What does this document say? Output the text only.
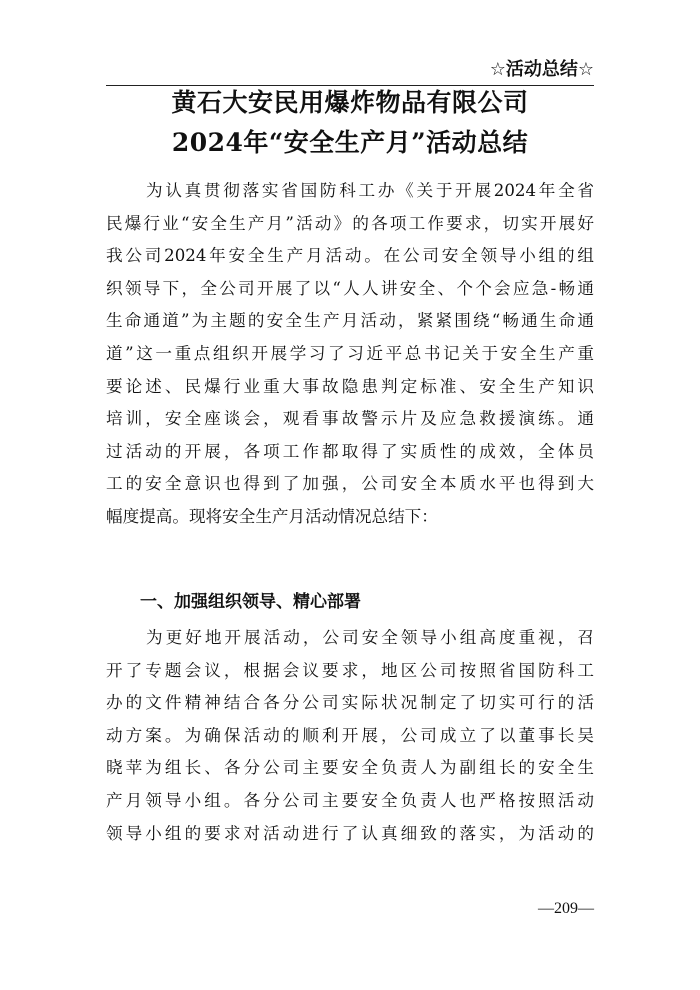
☆活动总结☆
黄石大安民用爆炸物品有限公司
2024年“安全生产月”活动总结
为认真贯彻落实省国防科工办《关于开展2024年全省
民爆行业“安全生产月”活动》的各项工作要求，切实开展好
我公司2024年安全生产月活动。在公司安全领导小组的组
织领导下，全公司开展了以“人人讲安全、个个会应急-畅通
生命通道”为主题的安全生产月活动，紧紧围绕“畅通生命通
道”这一重点组织开展学习了习近平总书记关于安全生产重
要论述、民爆行业重大事故隐患判定标准、安全生产知识
培训，安全座谈会，观看事故警示片及应急救援演练。通
过活动的开展，各项工作都取得了实质性的成效，全体员
工的安全意识也得到了加强，公司安全本质水平也得到大
幅度提高。现将安全生产月活动情况总结下：
一、加强组织领导、精心部署
为更好地开展活动，公司安全领导小组高度重视，召
开了专题会议，根据会议要求，地区公司按照省国防科工
办的文件精神结合各分公司实际状况制定了切实可行的活
动方案。为确保活动的顺利开展，公司成立了以董事长吴
晓苹为组长、各分公司主要安全负责人为副组长的安全生
产月领导小组。各分公司主要安全负责人也严格按照活动
领导小组的要求对活动进行了认真细致的落实，为活动的
—209—
